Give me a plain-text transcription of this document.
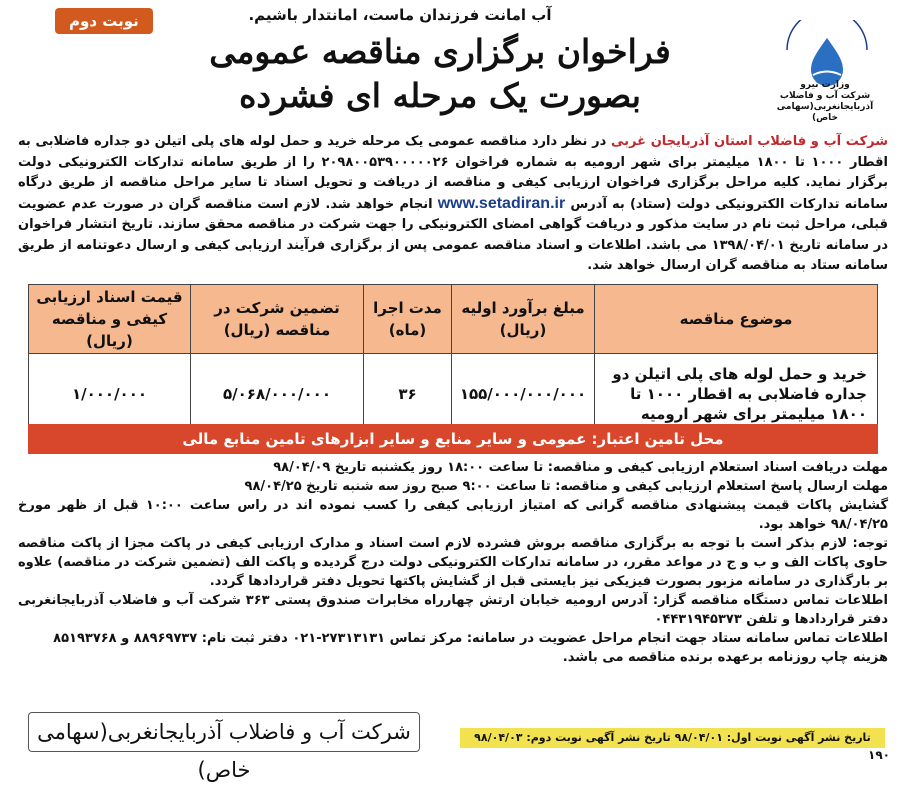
آب امانت فرزندان ماست، امانتدار باشیم.
نوبت دوم
وزارت نیرو
شرکت آب و فاضلاب
آذربایجانغربی(سهامی خاص)
فراخوان برگزاری مناقصه عمومی
بصورت یک مرحله ای فشرده
شرکت آب و فاضلاب استان آذربایجان غربی در نظر دارد مناقصه عمومی یک مرحله خرید و حمل لوله های پلی اتیلن دو جداره فاضلابی به اقطار ۱۰۰۰ تا ۱۸۰۰ میلیمتر برای شهر ارومیه به شماره فراخوان ۲۰۹۸۰۰۵۳۹۰۰۰۰۰۲۶ را از طریق سامانه تدارکات الکترونیکی دولت برگزار نماید. کلیه مراحل برگزاری فراخوان ارزیابی کیفی و مناقصه از دریافت و تحویل اسناد تا سایر مراحل مناقصه از طریق درگاه سامانه تدارکات الکترونیکی دولت (ستاد) به آدرس www.setadiran.ir انجام خواهد شد. لازم است مناقصه گران در صورت عدم عضویت قبلی، مراحل ثبت نام در سایت مذکور و دریافت گواهی امضای الکترونیکی را جهت شرکت در مناقصه محقق سازند. تاریخ انتشار فراخوان در سامانه تاریخ ۱۳۹۸/۰۴/۰۱ می باشد. اطلاعات و اسناد مناقصه عمومی پس از برگزاری فرآیند ارزیابی کیفی و ارسال دعوتنامه از طریق سامانه ستاد به مناقصه گران ارسال خواهد شد.
موضوع مناقصه	مبلغ برآورد اولیه (ریال)	مدت اجرا (ماه)	تضمین شرکت در مناقصه (ریال)	قیمت اسناد ارزیابی کیفی و مناقصه (ریال)
خرید و حمل لوله های پلی اتیلن دو جداره فاضلابی به اقطار ۱۰۰۰ تا ۱۸۰۰ میلیمتر برای شهر ارومیه	۱۵۵/۰۰۰/۰۰۰/۰۰۰	۳۶	۵/۰۶۸/۰۰۰/۰۰۰	۱/۰۰۰/۰۰۰
محل تامین اعتبار: عمومی و سایر منابع و سایر ابزارهای تامین منابع مالی

مهلت دریافت اسناد استعلام ارزیابی کیفی و مناقصه: تا ساعت ۱۸:۰۰ روز یکشنبه تاریخ ۹۸/۰۴/۰۹

مهلت ارسال پاسخ استعلام ارزیابی کیفی و مناقصه: تا ساعت ۹:۰۰ صبح روز سه شنبه تاریخ ۹۸/۰۴/۲۵

گشایش پاکات قیمت پیشنهادی مناقصه گرانی که امتیاز ارزیابی کیفی را کسب نموده اند در راس ساعت ۱۰:۰۰ قبل از ظهر مورخ ۹۸/۰۴/۲۵ خواهد بود.

توجه: لازم بذکر است با توجه به برگزاری مناقصه بروش فشرده لازم است اسناد و مدارک ارزیابی کیفی در پاکت مجزا از پاکت مناقصه حاوی پاکات الف و ب و ج در مواعد مقرر، در سامانه تدارکات الکترونیکی دولت درج گردیده و پاکت الف (تضمین شرکت در مناقصه) علاوه بر بارگذاری در سامانه مزبور بصورت فیزیکی نیز بایستی قبل از گشایش پاکتها تحویل دفتر قراردادها گردد.

اطلاعات تماس دستگاه مناقصه گزار: آدرس ارومیه خیابان ارتش چهارراه مخابرات صندوق پستی ۳۶۳ شرکت آب و فاضلاب آذربایجانغربی دفتر قراردادها و تلفن ۰۴۴۳۱۹۴۵۳۷۳

اطلاعات تماس سامانه ستاد جهت انجام مراحل عضویت در سامانه: مرکز تماس ۲۷۳۱۳۱۳۱-۰۲۱ دفتر ثبت نام: ۸۸۹۶۹۷۳۷ و ۸۵۱۹۳۷۶۸

هزینه چاپ روزنامه برعهده برنده مناقصه می باشد.

شرکت آب و فاضلاب آذربایجانغربی(سهامی خاص)
تاریخ نشر آگهی نوبت اول: ۹۸/۰۴/۰۱ تاریخ نشر آگهی نوبت دوم: ۹۸/۰۴/۰۳
۱۹۰
